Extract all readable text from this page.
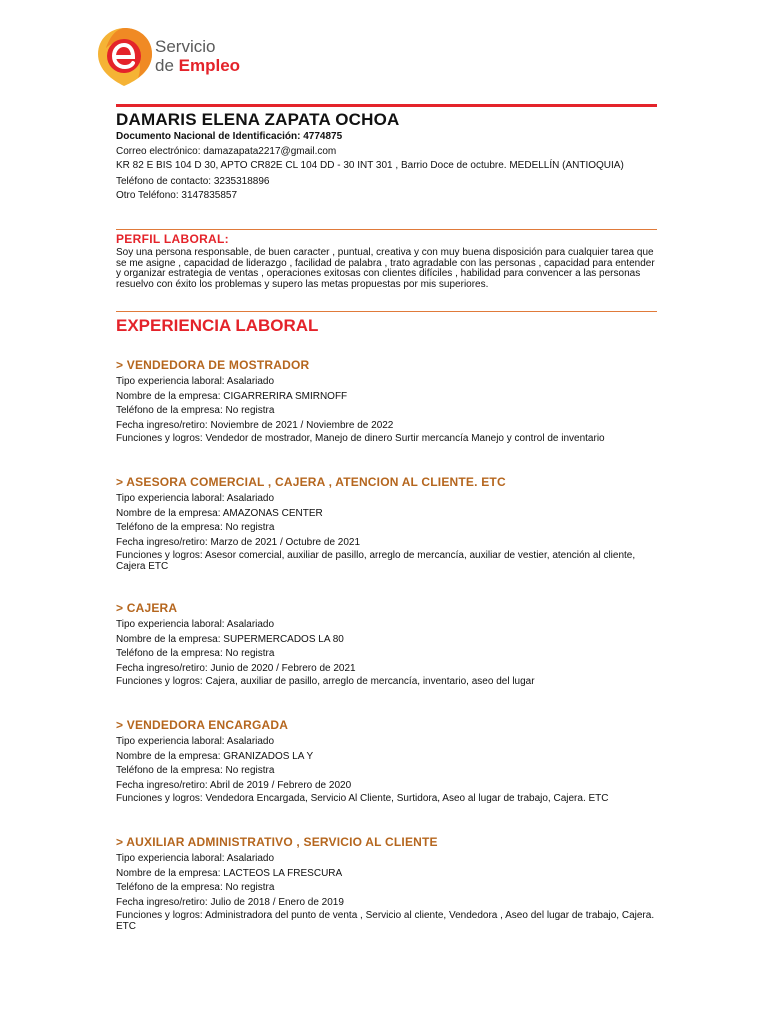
Servicio
de Empleo
DAMARIS ELENA ZAPATA OCHOA
Documento Nacional de Identificación: 4774875
Correo electrónico: damazapata2217@gmail.com
KR 82 E BIS 104 D 30, APTO CR82E CL 104 DD - 30 INT 301 , Barrio Doce de octubre. MEDELLÍN (ANTIOQUIA)
Teléfono de contacto: 3235318896
Otro Teléfono: 3147835857
PERFIL LABORAL:
Soy una persona responsable, de buen caracter , puntual, creativa y con muy buena disposición para cualquier tarea que se me asigne , capacidad de liderazgo , facilidad de palabra , trato agradable con las personas , capacidad para entender y organizar estrategia de ventas , operaciones exitosas con clientes difíciles , habilidad para convencer a las personas resuelvo con éxito los problemas y supero las metas propuestas por mis superiores.
EXPERIENCIA LABORAL
> VENDEDORA DE MOSTRADOR
Tipo experiencia laboral: Asalariado
Nombre de la empresa: CIGARRERIRA SMIRNOFF
Teléfono de la empresa: No registra
Fecha ingreso/retiro: Noviembre de 2021 / Noviembre de 2022
Funciones y logros: Vendedor de mostrador, Manejo de dinero Surtir mercancía Manejo y control de inventario
> ASESORA COMERCIAL , CAJERA , ATENCION AL CLIENTE. ETC
Tipo experiencia laboral: Asalariado
Nombre de la empresa: AMAZONAS CENTER
Teléfono de la empresa: No registra
Fecha ingreso/retiro: Marzo de 2021 / Octubre de 2021
Funciones y logros: Asesor comercial, auxiliar de pasillo, arreglo de mercancía, auxiliar de vestier, atención al cliente, Cajera ETC
> CAJERA
Tipo experiencia laboral: Asalariado
Nombre de la empresa: SUPERMERCADOS LA 80
Teléfono de la empresa: No registra
Fecha ingreso/retiro: Junio de 2020 / Febrero de 2021
Funciones y logros: Cajera, auxiliar de pasillo, arreglo de mercancía, inventario, aseo del lugar
> VENDEDORA ENCARGADA
Tipo experiencia laboral: Asalariado
Nombre de la empresa: GRANIZADOS LA Y
Teléfono de la empresa: No registra
Fecha ingreso/retiro: Abril de 2019 / Febrero de 2020
Funciones y logros: Vendedora Encargada, Servicio Al Cliente, Surtidora, Aseo al lugar de trabajo, Cajera. ETC
> AUXILIAR ADMINISTRATIVO , SERVICIO AL CLIENTE
Tipo experiencia laboral: Asalariado
Nombre de la empresa: LACTEOS LA FRESCURA
Teléfono de la empresa: No registra
Fecha ingreso/retiro: Julio de 2018 / Enero de 2019
Funciones y logros: Administradora del punto de venta , Servicio al cliente, Vendedora , Aseo del lugar de trabajo, Cajera. ETC
